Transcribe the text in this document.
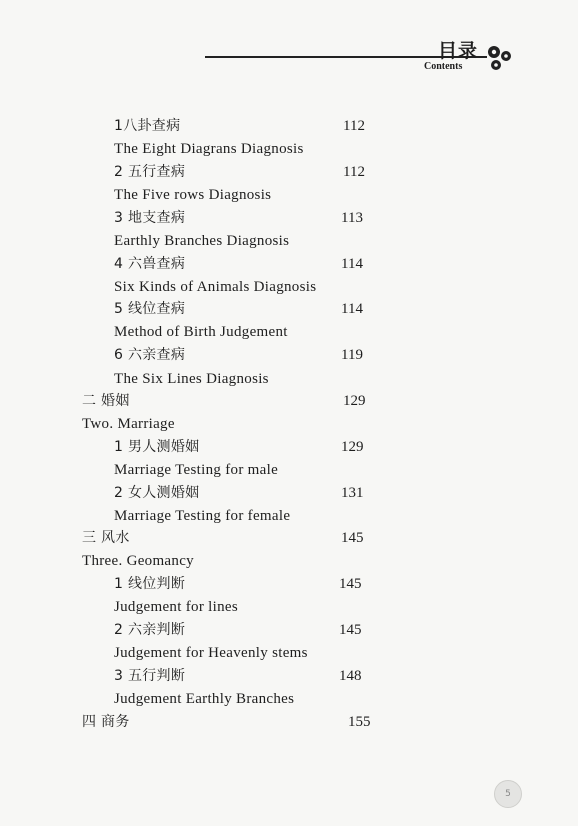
目录
Contents
1八卦查病	112
The Eight Diagrans Diagnosis
2 五行查病	112
The Five rows Diagnosis
3 地支查病	113
Earthly Branches Diagnosis
4 六兽查病	114
Six Kinds of Animals Diagnosis
5 线位查病	114
Method of Birth Judgement
6 六亲查病	119
The Six Lines Diagnosis
二 婚姻	129
Two. Marriage
1 男人测婚姻	129
Marriage Testing for male
2 女人测婚姻	131
Marriage Testing for female
三 风水	145
Three. Geomancy
1 线位判断	145
Judgement for lines
2 六亲判断	145
Judgement for Heavenly stems
3 五行判断	148
Judgement Earthly Branches
四 商务	155
5
